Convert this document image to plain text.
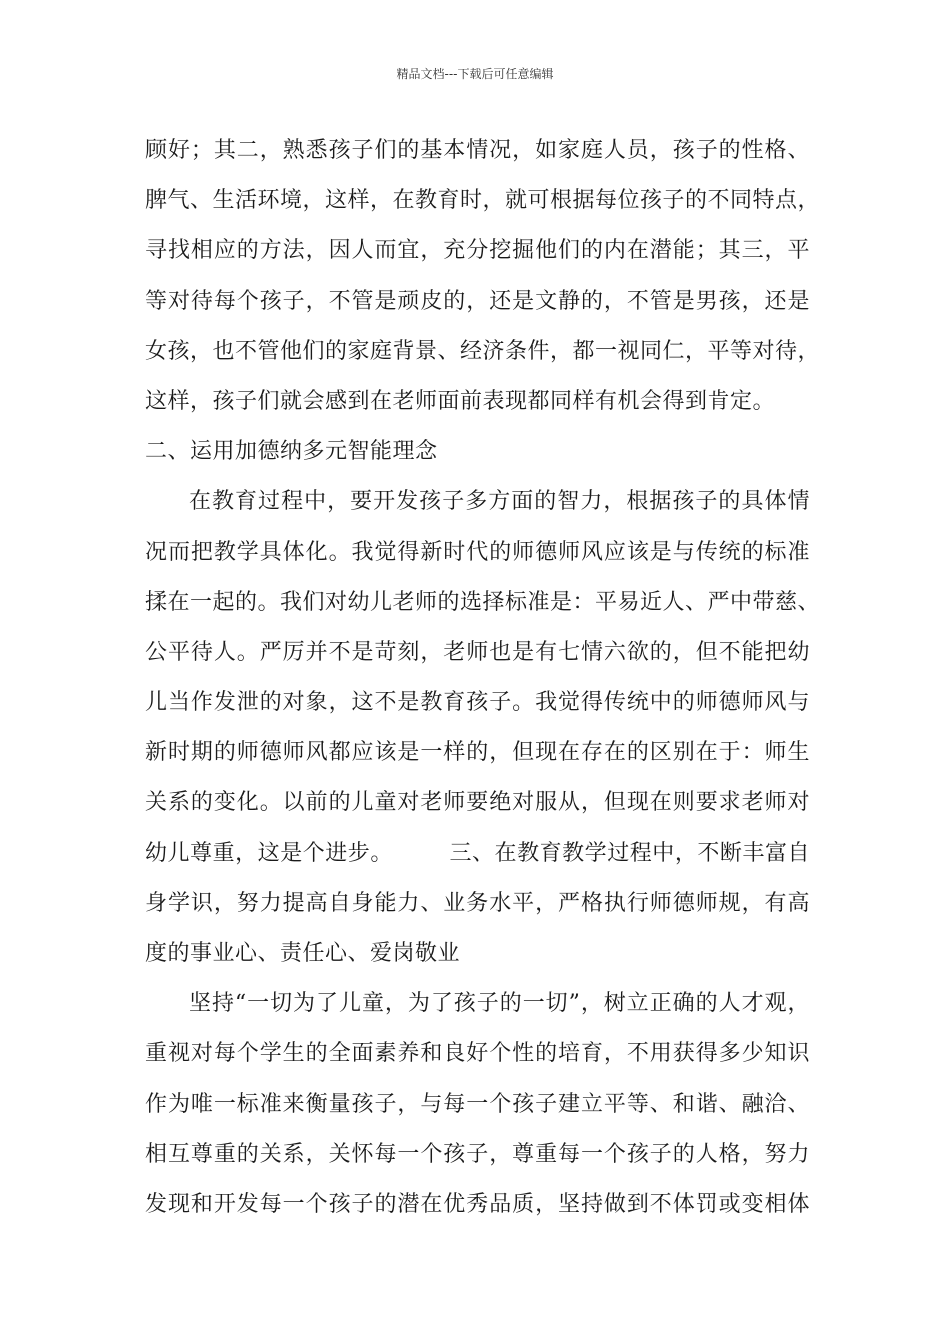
精品文档---下载后可任意编辑
顾好；其二，熟悉孩子们的基本情况，如家庭人员，孩子的性格、
脾气、生活环境，这样，在教育时，就可根据每位孩子的不同特点，
寻找相应的方法，因人而宜，充分挖掘他们的内在潜能；其三，平
等对待每个孩子，不管是顽皮的，还是文静的，不管是男孩，还是
女孩，也不管他们的家庭背景、经济条件，都一视同仁，平等对待，
这样，孩子们就会感到在老师面前表现都同样有机会得到肯定。
二、运用加德纳多元智能理念
在教育过程中，要开发孩子多方面的智力，根据孩子的具体情
况而把教学具体化。我觉得新时代的师德师风应该是与传统的标准
揉在一起的。我们对幼儿老师的选择标准是：平易近人、严中带慈、
公平待人。严厉并不是苛刻，老师也是有七情六欲的，但不能把幼
儿当作发泄的对象，这不是教育孩子。我觉得传统中的师德师风与
新时期的师德师风都应该是一样的，但现在存在的区别在于：师生
关系的变化。以前的儿童对老师要绝对服从，但现在则要求老师对
幼儿尊重，这是个进步。　　　三、在教育教学过程中，不断丰富自
身学识，努力提高自身能力、业务水平，严格执行师德师规，有高
度的事业心、责任心、爱岗敬业
坚持“一切为了儿童，为了孩子的一切”，树立正确的人才观，
重视对每个学生的全面素养和良好个性的培育，不用获得多少知识
作为唯一标准来衡量孩子，与每一个孩子建立平等、和谐、融洽、
相互尊重的关系，关怀每一个孩子，尊重每一个孩子的人格，努力
发现和开发每一个孩子的潜在优秀品质，坚持做到不体罚或变相体
